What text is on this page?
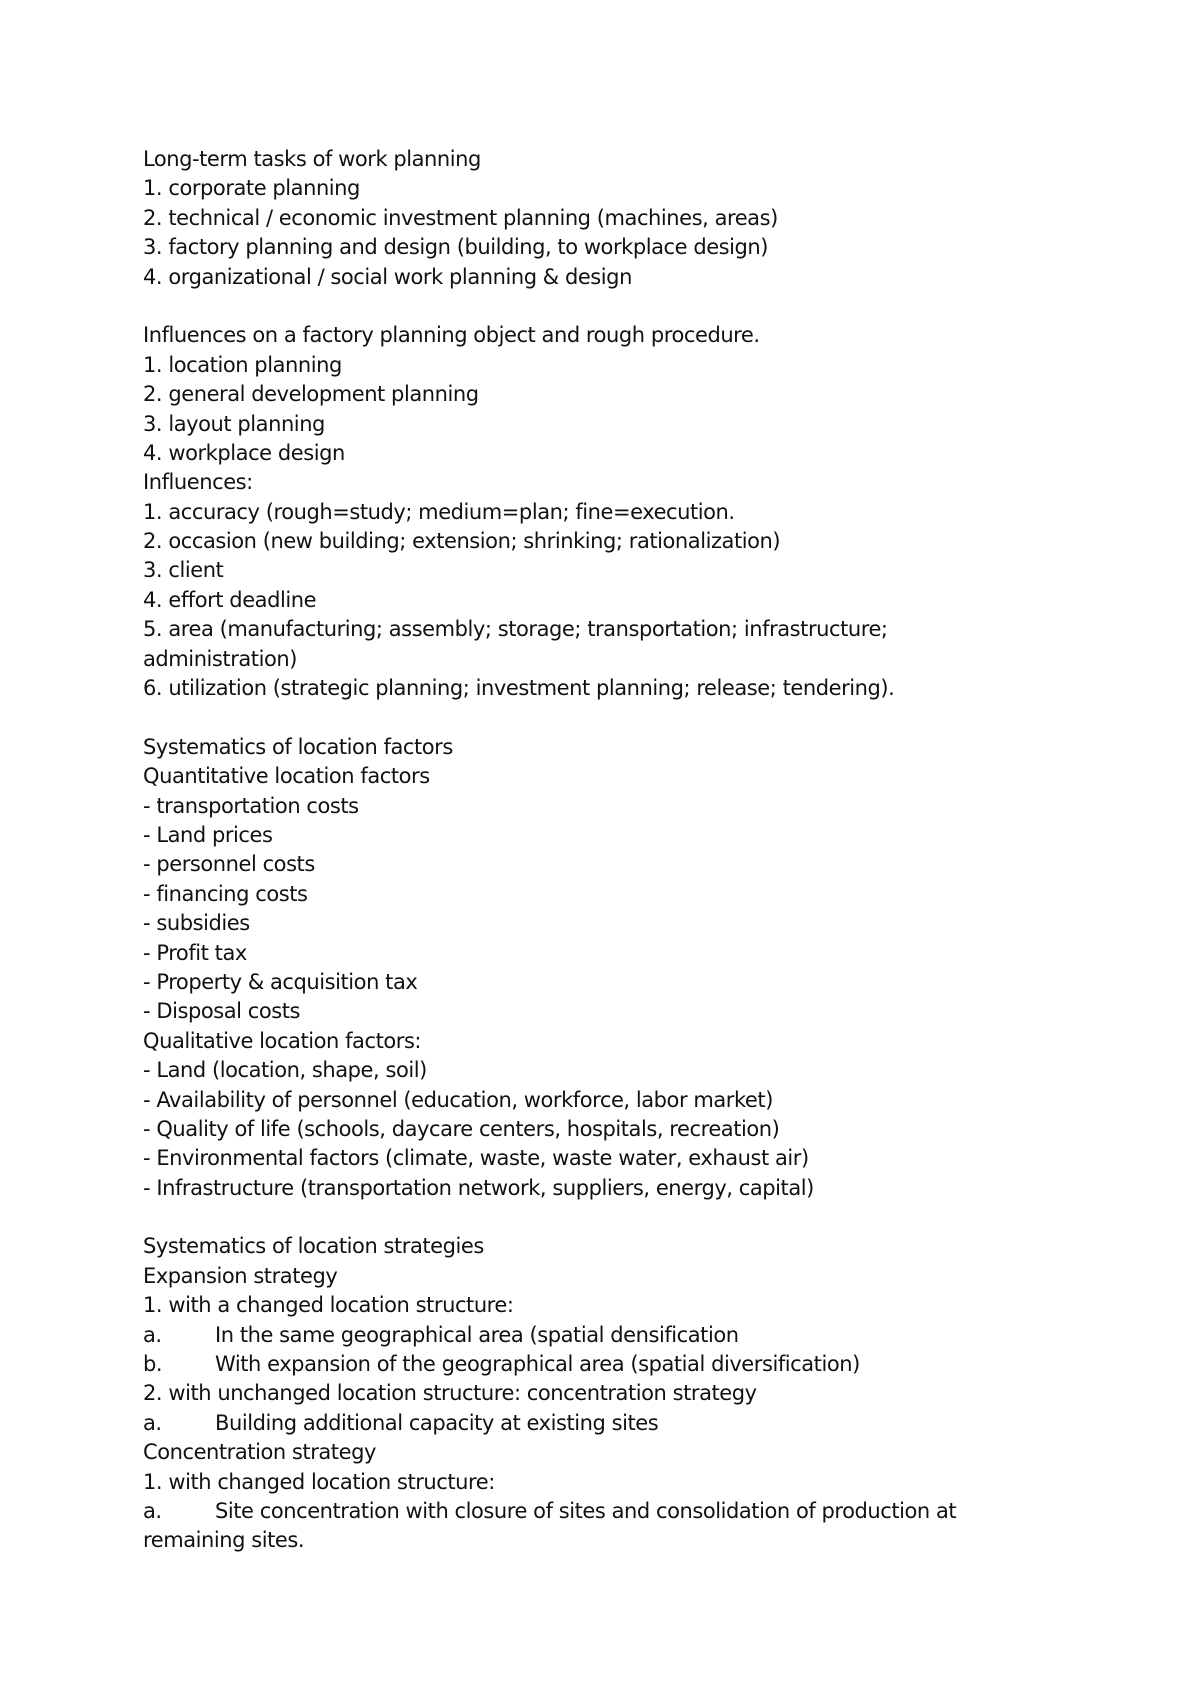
Long-term tasks of work planning
1. corporate planning
2. technical / economic investment planning (machines, areas)
3. factory planning and design (building, to workplace design)
4. organizational / social work planning & design
Influences on a factory planning object and rough procedure.
1. location planning
2. general development planning
3. layout planning
4. workplace design
Influences:
1. accuracy (rough=study; medium=plan; fine=execution.
2. occasion (new building; extension; shrinking; rationalization)
3. client
4. effort deadline
5. area (manufacturing; assembly; storage; transportation; infrastructure;
administration)
6. utilization (strategic planning; investment planning; release; tendering).
Systematics of location factors
Quantitative location factors
- transportation costs
- Land prices
- personnel costs
- financing costs
- subsidies
- Profit tax
- Property & acquisition tax
- Disposal costs
Qualitative location factors:
- Land (location, shape, soil)
- Availability of personnel (education, workforce, labor market)
- Quality of life (schools, daycare centers, hospitals, recreation)
- Environmental factors (climate, waste, waste water, exhaust air)
- Infrastructure (transportation network, suppliers, energy, capital)
Systematics of location strategies
Expansion strategy
1. with a changed location structure:
a.	In the same geographical area (spatial densification
b.	With expansion of the geographical area (spatial diversification)
2. with unchanged location structure: concentration strategy
a.	Building additional capacity at existing sites
Concentration strategy
1. with changed location structure:
a.	Site concentration with closure of sites and consolidation of production at
remaining sites.
